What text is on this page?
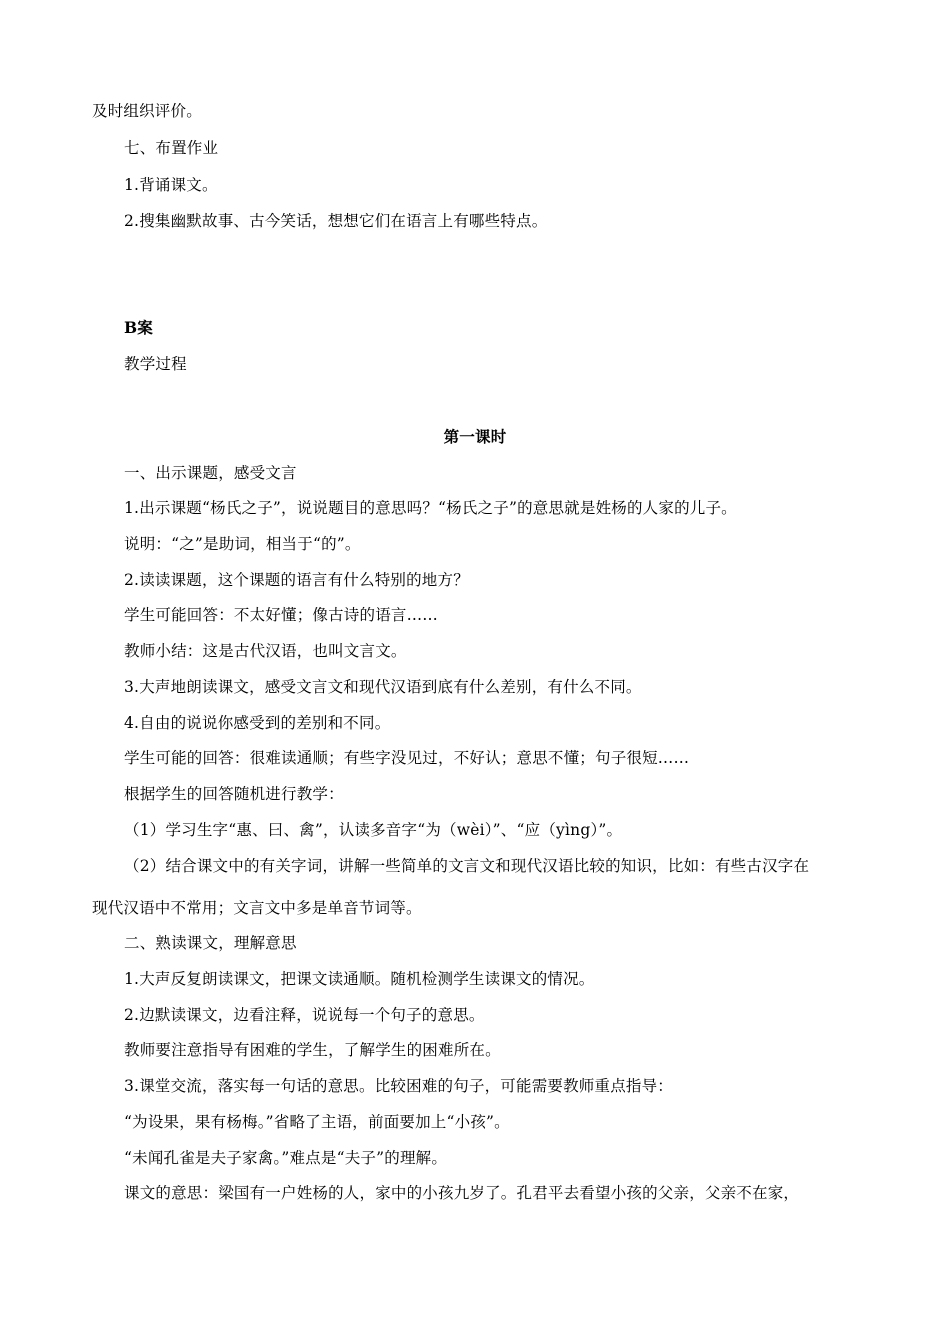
及时组织评价。
七、布置作业
1.背诵课文。
2.搜集幽默故事、古今笑话，想想它们在语言上有哪些特点。
B案
教学过程
第一课时
一、出示课题，感受文言
1.出示课题“杨氏之子”，说说题目的意思吗？“杨氏之子”的意思就是姓杨的人家的儿子。
说明：“之”是助词，相当于“的”。
2.读读课题，这个课题的语言有什么特别的地方？
学生可能回答：不太好懂；像古诗的语言……
教师小结：这是古代汉语，也叫文言文。
3.大声地朗读课文，感受文言文和现代汉语到底有什么差别，有什么不同。
4.自由的说说你感受到的差别和不同。
学生可能的回答：很难读通顺；有些字没见过，不好认；意思不懂；句子很短……
根据学生的回答随机进行教学：
（1）学习生字“惠、曰、禽”，认读多音字“为（wèi）”、“应（yìng）”。
（2）结合课文中的有关字词，讲解一些简单的文言文和现代汉语比较的知识，比如：有些古汉字在
现代汉语中不常用；文言文中多是单音节词等。
二、熟读课文，理解意思
1.大声反复朗读课文，把课文读通顺。随机检测学生读课文的情况。
2.边默读课文，边看注释，说说每一个句子的意思。
教师要注意指导有困难的学生，了解学生的困难所在。
3.课堂交流，落实每一句话的意思。比较困难的句子，可能需要教师重点指导：
“为设果，果有杨梅。”省略了主语，前面要加上“小孩”。
“未闻孔雀是夫子家禽。”难点是“夫子”的理解。
课文的意思：梁国有一户姓杨的人，家中的小孩九岁了。孔君平去看望小孩的父亲，父亲不在家，
